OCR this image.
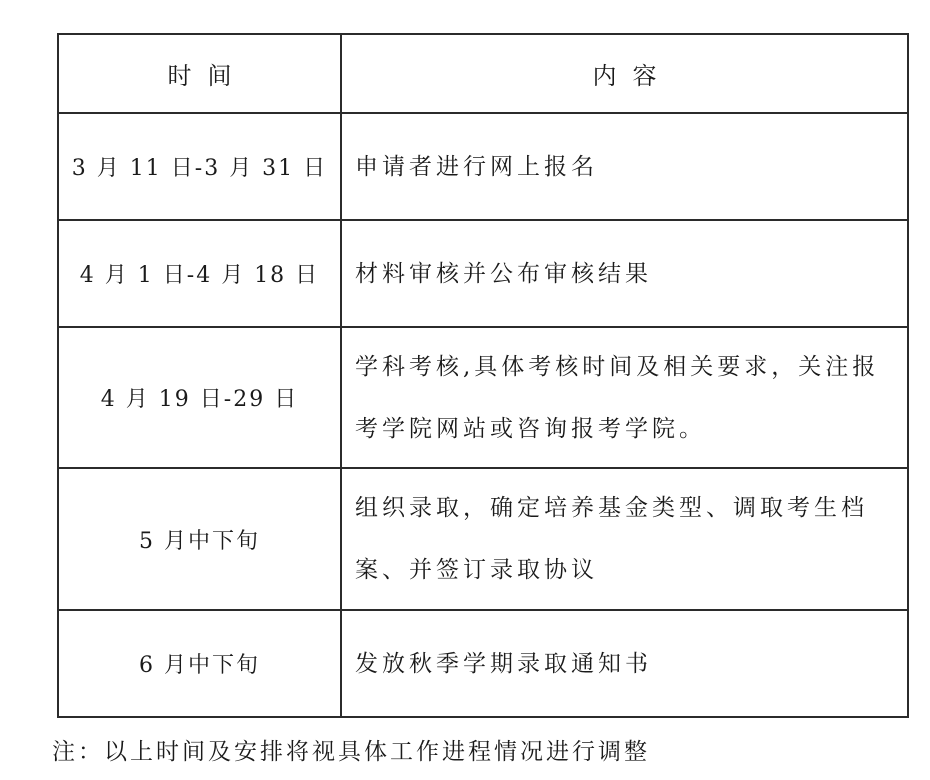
时间	内容
3 月 11 日-3 月 31 日	申请者进行网上报名
4 月 1 日-4 月 18 日	材料审核并公布审核结果
4 月 19 日-29 日	学科考核,具体考核时间及相关要求，关注报考学院网站或咨询报考学院。
5 月中下旬	组织录取，确定培养基金类型、调取考生档案、并签订录取协议
6 月中下旬	发放秋季学期录取通知书
注：以上时间及安排将视具体工作进程情况进行调整
